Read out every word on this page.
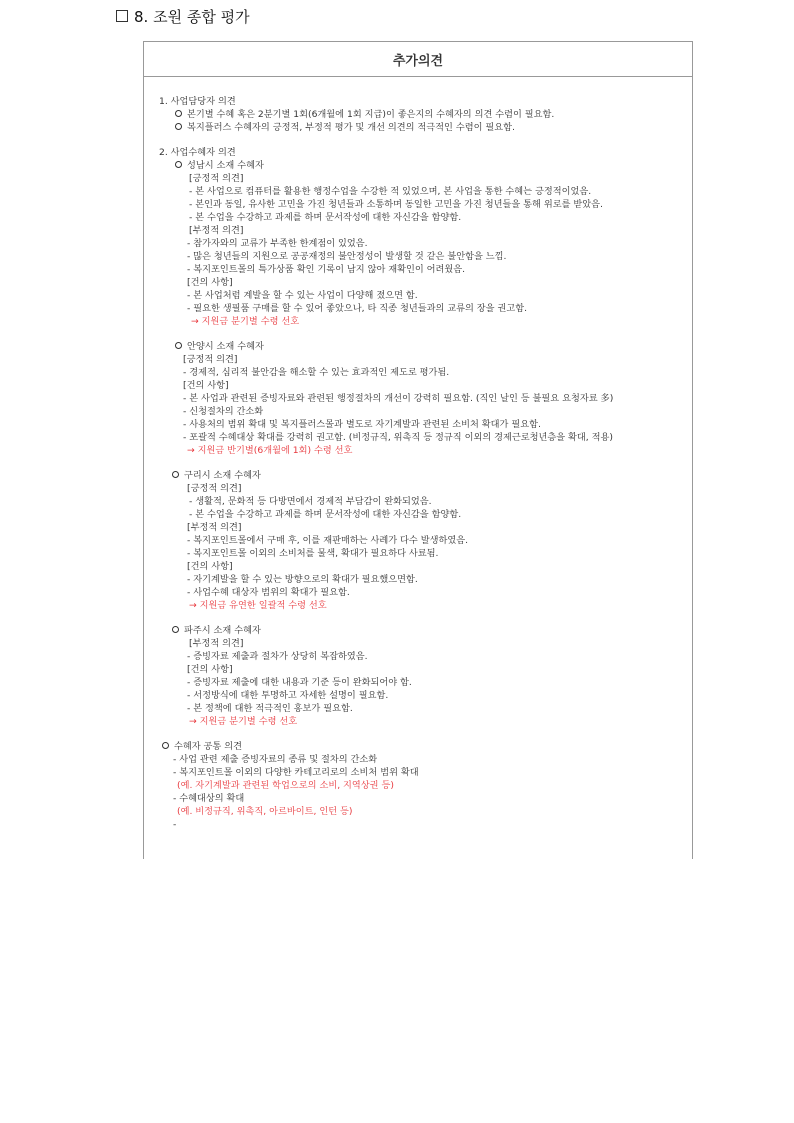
8. 조원 종합 평가
추가의견
1. 사업담당자 의견
본기별 수혜 혹은 2분기별 1회(6개월에 1회 지급)이 좋은지의 수혜자의 의견 수렴이 필요함.
복지플러스 수혜자의 긍정적, 부정적 평가 및 개선 의견의 적극적인 수렴이 필요함.
2. 사업수혜자 의견
성남시 소재 수혜자
[긍정적 의견]
- 본 사업으로 컴퓨터를 활용한 행정수업을 수강한 적 있었으며, 본 사업을 통한 수혜는 긍정적이었음.
- 본인과 동일, 유사한 고민을 가진 청년들과 소통하며 동일한 고민을 가진 청년들을 통해 위로를 받았음.
- 본 수업을 수강하고 과제를 하며 문서작성에 대한 자신감을 함양함.
[부정적 의견]
- 참가자와의 교류가 부족한 한계점이 있었음.
- 많은 청년들의 지원으로 공공재정의 불안정성이 발생할 것 같은 불안함을 느낌.
- 복지포인트몰의 특가상품 확인 기록이 남지 않아 재확인이 어려웠음.
[건의 사항]
- 본 사업처럼 계발을 할 수 있는 사업이 다양해 졌으면 함.
- 필요한 생필품 구매를 할 수 있어 좋았으나, 타 직종 청년들과의 교류의 장을 권고함.
→ 지원금 분기별 수령 선호
안양시 소재 수혜자
[긍정적 의견]
- 경제적, 심리적 불안감을 해소할 수 있는 효과적인 제도로 평가됨.
[건의 사항]
- 본 사업과 관련된 증빙자료와 관련된 행정절차의 개선이 강력히 필요함. (직인 날인 등 불필요 요청자료 多)
- 신청절차의 간소화
- 사용처의 범위 확대 및 복지플러스몰과 별도로 자기계발과 관련된 소비처 확대가 필요함.
- 포괄적 수혜대상 확대를 강력히 권고함. (비정규직, 위촉직 등 정규직 이외의 경제근로청년층을 확대, 적용)
→ 지원금 반기별(6개월에 1회) 수령 선호
구리시 소재 수혜자
[긍정적 의견]
- 생활적, 문화적 등 다방면에서 경제적 부담감이 완화되었음.
- 본 수업을 수강하고 과제를 하며 문서작성에 대한 자신감을 함양함.
[부정적 의견]
- 복지포인트몰에서 구매 후, 이를 재판매하는 사례가 다수 발생하였음.
- 복지포인트몰 이외의 소비처를 물색, 확대가 필요하다 사료됨.
[건의 사항]
- 자기계발을 할 수 있는 방향으로의 확대가 필요했으면함.
- 사업수혜 대상자 범위의 확대가 필요함.
→ 지원금 유연한 일괄적 수령 선호
파주시 소재 수혜자
[부정적 의견]
- 증빙자료 제출과 절차가 상당히 복잡하였음.
[건의 사항]
- 증빙자료 제출에 대한 내용과 기준 등이 완화되어야 함.
- 서정방식에 대한 투명하고 자세한 설명이 필요함.
- 본 정책에 대한 적극적인 홍보가 필요함.
→ 지원금 분기별 수령 선호
수혜자 공통 의견
- 사업 관련 제출 증빙자료의 종류 및 절차의 간소화
- 복지포인트몰 이외의 다양한 카테고리로의 소비처 범위 확대
(예. 자기계발과 관련된 학업으로의 소비, 지역상권 등)
- 수혜대상의 확대
(예. 비정규직, 위촉직, 아르바이트, 인턴 등)
-
